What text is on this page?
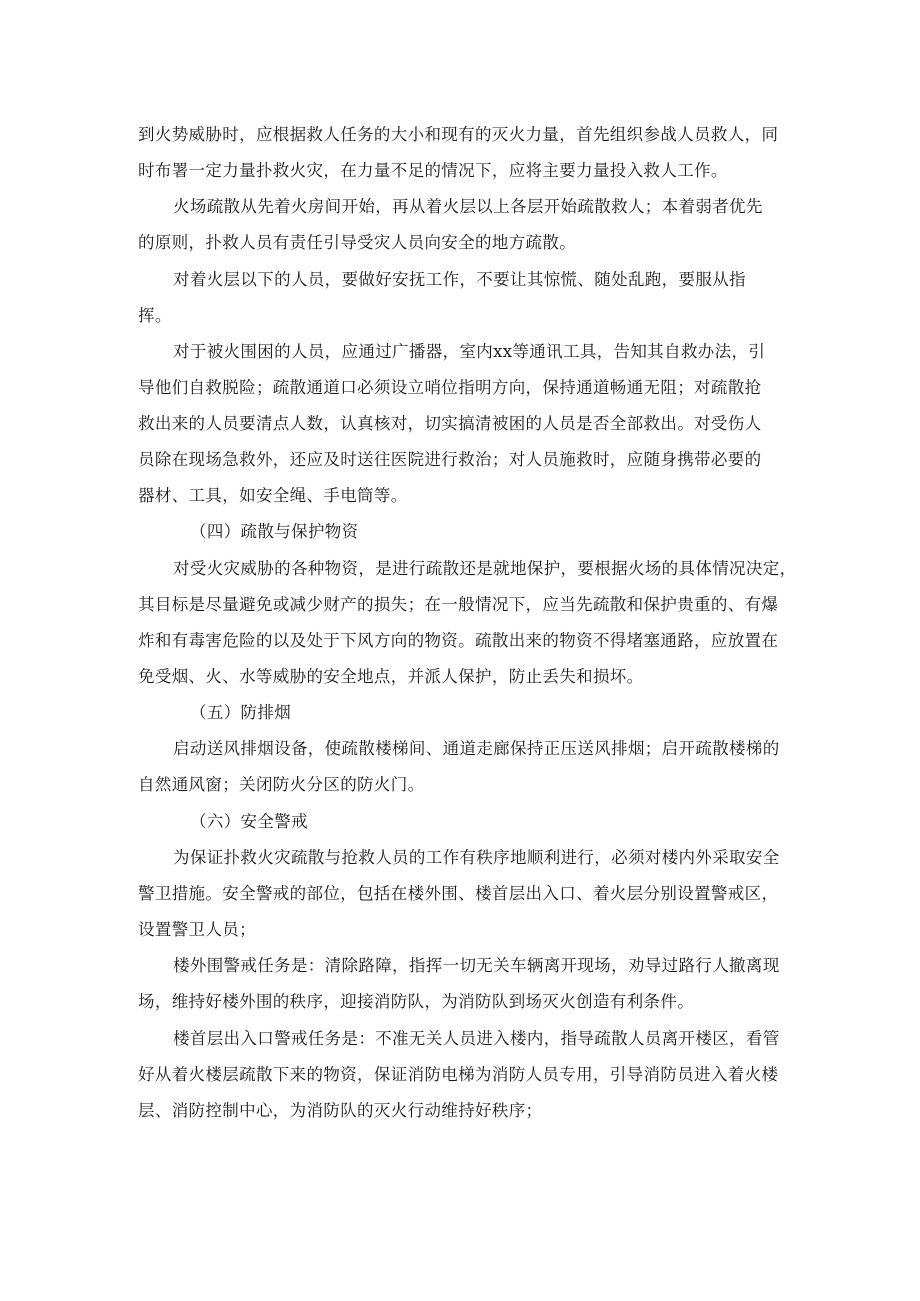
到火势威胁时，应根据救人任务的大小和现有的灭火力量，首先组织参战人员救人，同
时布署一定力量扑救火灾，在力量不足的情况下，应将主要力量投入救人工作。
火场疏散从先着火房间开始，再从着火层以上各层开始疏散救人；本着弱者优先
的原则，扑救人员有责任引导受灾人员向安全的地方疏散。
对着火层以下的人员，要做好安抚工作，不要让其惊慌、随处乱跑，要服从指
挥。
对于被火围困的人员，应通过广播器，室内xx等通讯工具，告知其自救办法，引
导他们自救脱险；疏散通道口必须设立哨位指明方向，保持通道畅通无阻；对疏散抢
救出来的人员要清点人数，认真核对，切实搞清被困的人员是否全部救出。对受伤人
员除在现场急救外，还应及时送往医院进行救治；对人员施救时，应随身携带必要的
器材、工具，如安全绳、手电筒等。
（四）疏散与保护物资
对受火灾威胁的各种物资，是进行疏散还是就地保护，要根据火场的具体情况决定，
其目标是尽量避免或减少财产的损失；在一般情况下，应当先疏散和保护贵重的、有爆
炸和有毒害危险的以及处于下风方向的物资。疏散出来的物资不得堵塞通路，应放置在
免受烟、火、水等威胁的安全地点，并派人保护，防止丢失和损坏。
（五）防排烟
启动送风排烟设备，使疏散楼梯间、通道走廊保持正压送风排烟；启开疏散楼梯的
自然通风窗；关闭防火分区的防火门。
（六）安全警戒
为保证扑救火灾疏散与抢救人员的工作有秩序地顺利进行，必须对楼内外采取安全
警卫措施。安全警戒的部位，包括在楼外围、楼首层出入口、着火层分别设置警戒区，
设置警卫人员；
楼外围警戒任务是：清除路障，指挥一切无关车辆离开现场，劝导过路行人撤离现
场，维持好楼外围的秩序，迎接消防队，为消防队到场灭火创造有利条件。
楼首层出入口警戒任务是：不准无关人员进入楼内，指导疏散人员离开楼区，看管
好从着火楼层疏散下来的物资，保证消防电梯为消防人员专用，引导消防员进入着火楼
层、消防控制中心，为消防队的灭火行动维持好秩序；
